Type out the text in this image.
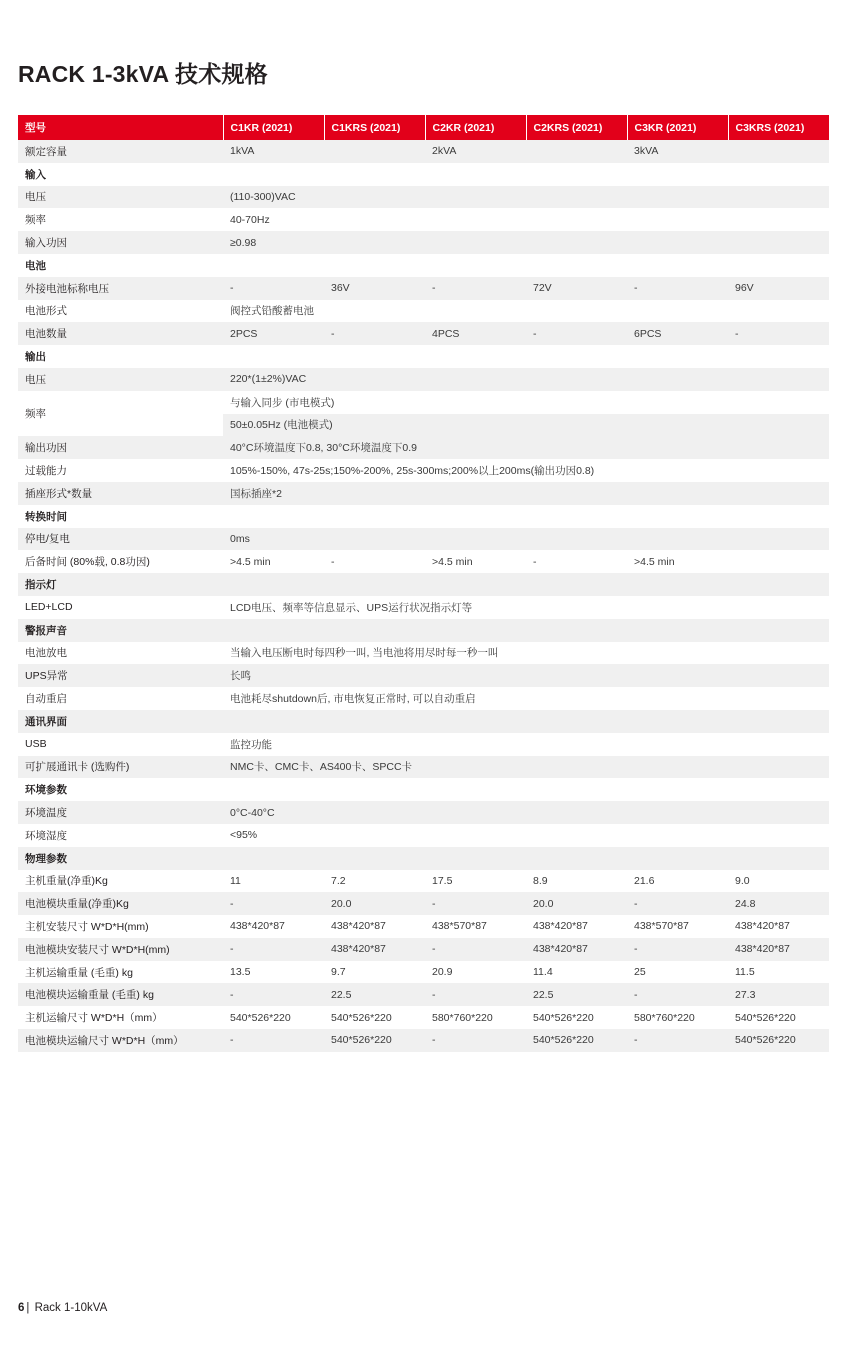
RACK 1-3kVA 技术规格
型号	C1KR (2021)	C1KRS (2021)	C2KR (2021)	C2KRS (2021)	C3KR (2021)	C3KRS (2021)
额定容量	1kVA		2kVA		3kVA	
输入						
电压	(110-300)VAC					
频率	40-70Hz					
输入功因	≥0.98					
电池						
外接电池标称电压	-	36V	-	72V	-	96V
电池形式	阀控式铅酸蓄电池					
电池数量	2PCS	-	4PCS	-	6PCS	-
输出						
电压	220*(1±2%)VAC					
频率	与输入同步 (市电模式)					
	50±0.05Hz (电池模式)					
输出功因	40°C环境温度下0.8, 30°C环境温度下0.9					
过载能力	105%-150%, 47s-25s;150%-200%, 25s-300ms;200%以上200ms(输出功因0.8)					
插座形式*数量	国标插座*2					
转换时间						
停电/复电	0ms					
后备时间 (80%载, 0.8功因)	>4.5 min	-	>4.5 min	-	>4.5 min	
指示灯						
LED+LCD	LCD电压、频率等信息显示、UPS运行状况指示灯等					
警报声音						
电池放电	当输入电压断电时每四秒一叫, 当电池将用尽时每一秒一叫					
UPS异常	长鸣					
自动重启	电池耗尽shutdown后, 市电恢复正常时, 可以自动重启					
通讯界面						
USB	监控功能					
可扩展通讯卡 (选购件)	NMC卡、CMC卡、AS400卡、SPCC卡					
环境参数						
环境温度	0°C-40°C					
环境湿度	<95%					
物理参数						
主机重量(净重)Kg	11	7.2	17.5	8.9	21.6	9.0
电池模块重量(净重)Kg	-	20.0	-	20.0	-	24.8
主机安装尺寸 W*D*H(mm)	438*420*87	438*420*87	438*570*87	438*420*87	438*570*87	438*420*87
电池模块安装尺寸 W*D*H(mm)	-	438*420*87	-	438*420*87	-	438*420*87
主机运输重量 (毛重) kg	13.5	9.7	20.9	11.4	25	11.5
电池模块运输重量 (毛重) kg	-	22.5	-	22.5	-	27.3
主机运输尺寸 W*D*H（mm）	540*526*220	540*526*220	580*760*220	540*526*220	580*760*220	540*526*220
电池模块运输尺寸 W*D*H（mm）	-	540*526*220	-	540*526*220	-	540*526*220
6 | Rack 1-10kVA
